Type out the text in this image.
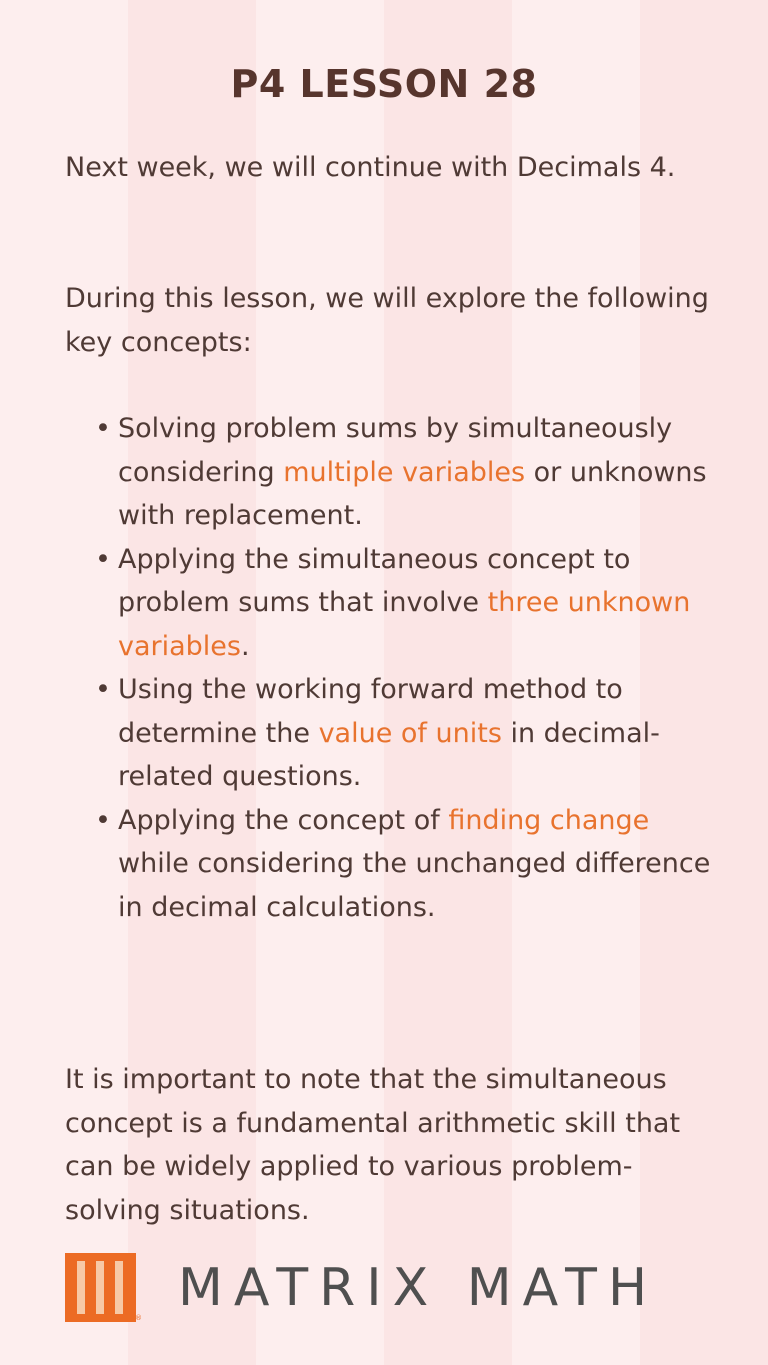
P4 LESSON 28

Next week, we will continue with Decimals 4.

During this lesson, we will explore the following key concepts:

• Solving problem sums by simultaneously considering multiple variables or unknowns with replacement.
• Applying the simultaneous concept to problem sums that involve three unknown variables.
• Using the working forward method to determine the value of units in decimal-related questions.
• Applying the concept of finding change while considering the unchanged difference in decimal calculations.

It is important to note that the simultaneous concept is a fundamental arithmetic skill that can be widely applied to various problem-solving situations.

® MATRIX MATH
